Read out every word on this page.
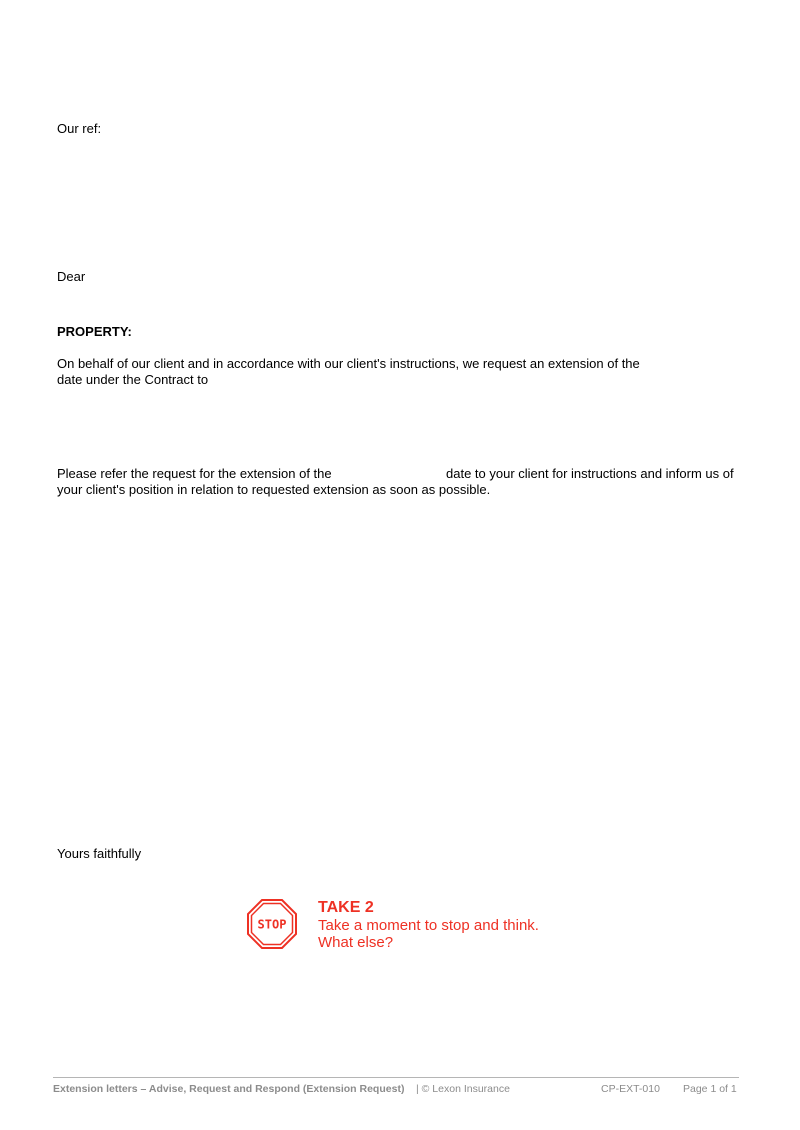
Our ref:
Dear
PROPERTY:
On behalf of our client and in accordance with our client's instructions, we request an extension of the
date under the Contract to
Please refer the request for the extension of the	date to your client for instructions and inform us of
your client's position in relation to requested extension as soon as possible.
Yours faithfully
STOP
TAKE 2
Take a moment to stop and think.
What else?
Extension letters – Advise, Request and Respond (Extension Request) | © Lexon Insurance	CP-EXT-010 Page 1 of 1
